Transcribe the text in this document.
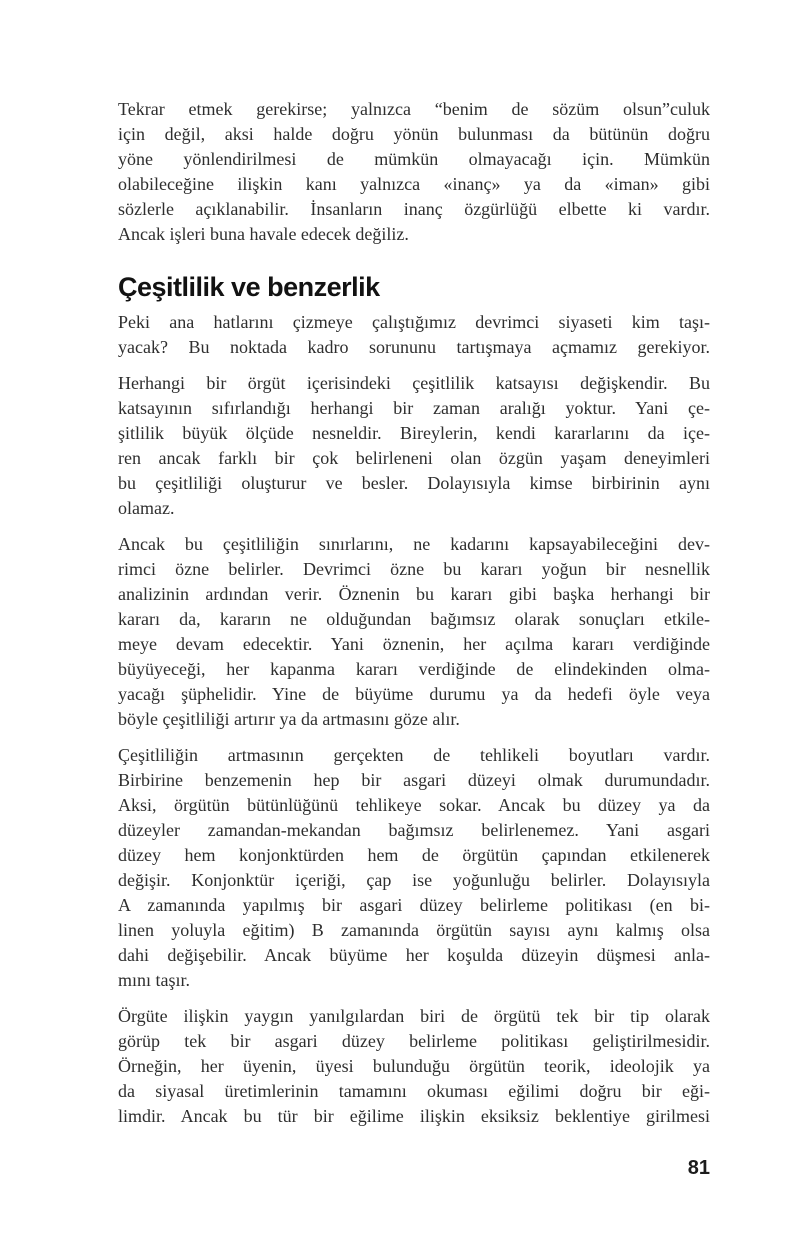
Tekrar etmek gerekirse; yalnızca “benim de sözüm olsun”culuk
için değil, aksi halde doğru yönün bulunması da bütünün doğru
yöne yönlendirilmesi de mümkün olmayacağı için. Mümkün
olabileceğine ilişkin kanı yalnızca «inanç» ya da «iman» gibi
sözlerle açıklanabilir. İnsanların inanç özgürlüğü elbette ki vardır.
Ancak işleri buna havale edecek değiliz.
Çeşitlilik ve benzerlik
Peki ana hatlarını çizmeye çalıştığımız devrimci siyaseti kim taşı-
yacak? Bu noktada kadro sorununu tartışmaya açmamız gerekiyor.
Herhangi bir örgüt içerisindeki çeşitlilik katsayısı değişkendir. Bu
katsayının sıfırlandığı herhangi bir zaman aralığı yoktur. Yani çe-
şitlilik büyük ölçüde nesneldir. Bireylerin, kendi kararlarını da içe-
ren ancak farklı bir çok belirleneni olan özgün yaşam deneyimleri
bu çeşitliliği oluşturur ve besler. Dolayısıyla kimse birbirinin aynı
olamaz.
Ancak bu çeşitliliğin sınırlarını, ne kadarını kapsayabileceğini dev-
rimci özne belirler. Devrimci özne bu kararı yoğun bir nesnellik
analizinin ardından verir. Öznenin bu kararı gibi başka herhangi bir
kararı da, kararın ne olduğundan bağımsız olarak sonuçları etkile-
meye devam edecektir. Yani öznenin, her açılma kararı verdiğinde
büyüyeceği, her kapanma kararı verdiğinde de elindekinden olma-
yacağı şüphelidir. Yine de büyüme durumu ya da hedefi öyle veya
böyle çeşitliliği artırır ya da artmasını göze alır.
Çeşitliliğin artmasının gerçekten de tehlikeli boyutları vardır.
Birbirine benzemenin hep bir asgari düzeyi olmak durumundadır.
Aksi, örgütün bütünlüğünü tehlikeye sokar. Ancak bu düzey ya da
düzeyler zamandan-mekandan bağımsız belirlenemez. Yani asgari
düzey hem konjonktürden hem de örgütün çapından etkilenerek
değişir. Konjonktür içeriği, çap ise yoğunluğu belirler. Dolayısıyla
A zamanında yapılmış bir asgari düzey belirleme politikası (en bi-
linen yoluyla eğitim) B zamanında örgütün sayısı aynı kalmış olsa
dahi değişebilir. Ancak büyüme her koşulda düzeyin düşmesi anla-
mını taşır.
Örgüte ilişkin yaygın yanılgılardan biri de örgütü tek bir tip olarak
görüp tek bir asgari düzey belirleme politikası geliştirilmesidir.
Örneğin, her üyenin, üyesi bulunduğu örgütün teorik, ideolojik ya
da siyasal üretimlerinin tamamını okuması eğilimi doğru bir eği-
limdir. Ancak bu tür bir eğilime ilişkin eksiksiz beklentiye girilmesi
81
